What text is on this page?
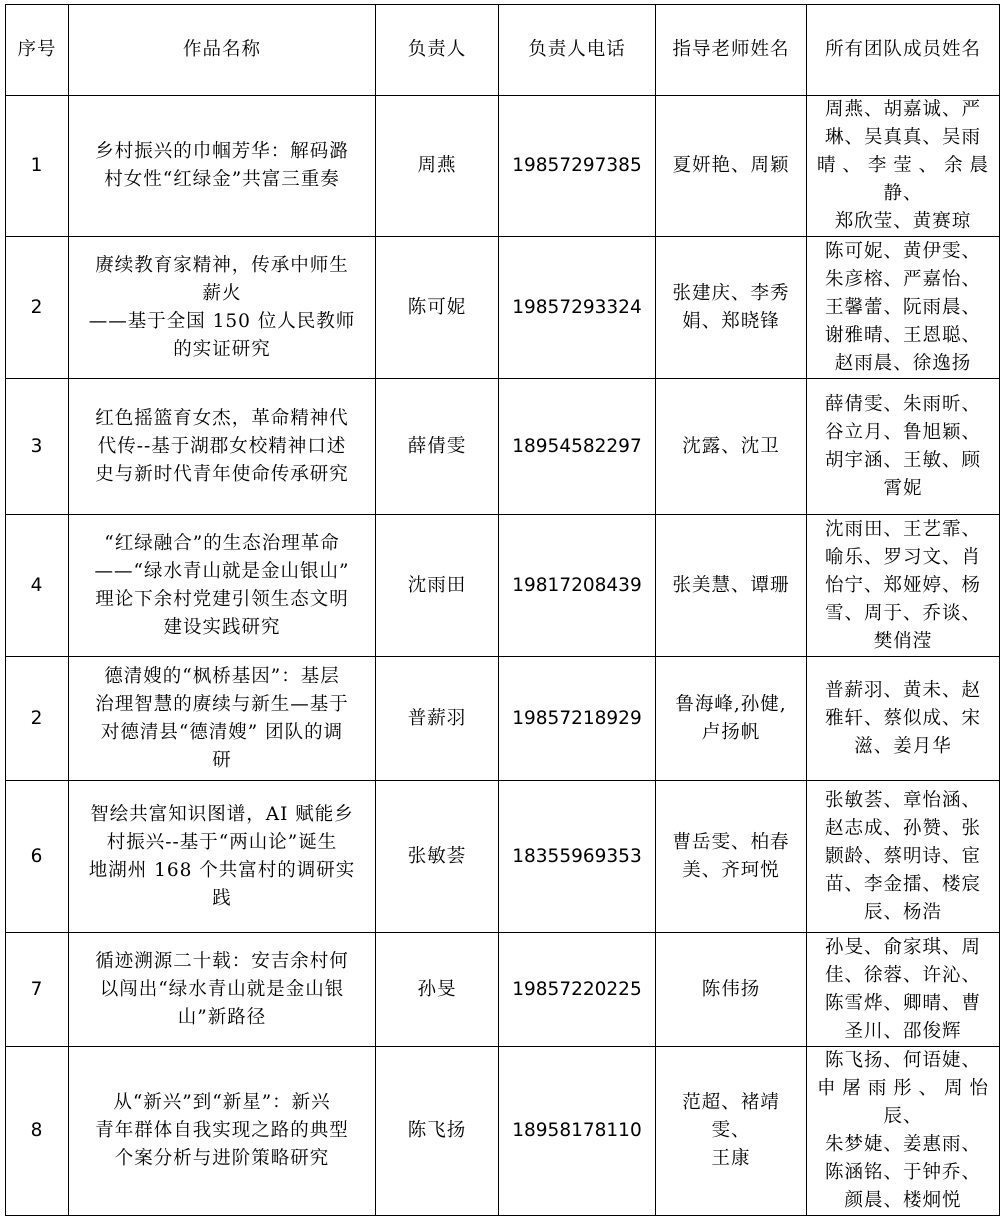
序号	作品名称	负责人	负责人电话	指导老师姓名	所有团队成员姓名
1	乡村振兴的巾帼芳华：解码潞
村女性“红绿金”共富三重奏	周燕	19857297385	夏妍艳、周颖	周燕、胡嘉诚、严
琳、吴真真、吴雨
晴、李莹、余晨静、
郑欣莹、黄赛琼

2	赓续教育家精神，传承中师生
薪火
——基于全国 150 位人民教师
的实证研究	陈可妮	19857293324	张建庆、李秀
娟、郑晓锋	陈可妮、黄伊雯、
朱彦榕、严嘉怡、
王馨蕾、阮雨晨、
谢雅晴、王恩聪、
赵雨晨、徐逸扬

3	红色摇篮育女杰，革命精神代
代传--基于湖郡女校精神口述
史与新时代青年使命传承研究	薛倩雯	18954582297	沈露、沈卫	薛倩雯、朱雨昕、
谷立月、鲁旭颖、
胡宇涵、王敏、顾
霄妮

4	“红绿融合”的生态治理革命
——“绿水青山就是金山银山”
理论下余村党建引领生态文明
建设实践研究	沈雨田	19817208439	张美慧、谭珊	沈雨田、王艺霏、
喻乐、罗习文、肖
怡宁、郑娅婷、杨
雪、周于、乔谈、
樊俏滢

2	德清嫂的“枫桥基因”：基层
治理智慧的赓续与新生—基于
对德清县“德清嫂” 团队的调
研	普薪羽	19857218929	鲁海峰,孙健,
卢扬帆	普薪羽、黄未、赵
雅轩、蔡似成、宋
滋、姜月华

6	智绘共富知识图谱，AI 赋能乡
村振兴--基于“两山论”诞生
地湖州 168 个共富村的调研实
践	张敏荟	18355969353	曹岳雯、柏春
美、齐珂悦	张敏荟、章怡涵、
赵志成、孙赞、张
颢龄、蔡明诗、宦
苗、李金擂、楼宸
辰、杨浩

7	循迹溯源二十载：安吉余村何
以闯出“绿水青山就是金山银
山”新路径	孙旻	19857220225	陈伟扬	孙旻、俞家琪、周
佳、徐蓉、许沁、
陈雪烨、卿晴、曹
圣川、邵俊辉

8	从“新兴”到“新星”：新兴
青年群体自我实现之路的典型
个案分析与进阶策略研究	陈飞扬	18958178110	范超、褚靖雯、
王康	陈飞扬、何语婕、
申屠雨彤、周怡辰、
朱梦婕、姜惠雨、
陈涵铭、于钟乔、
颜晨、楼炯悦
